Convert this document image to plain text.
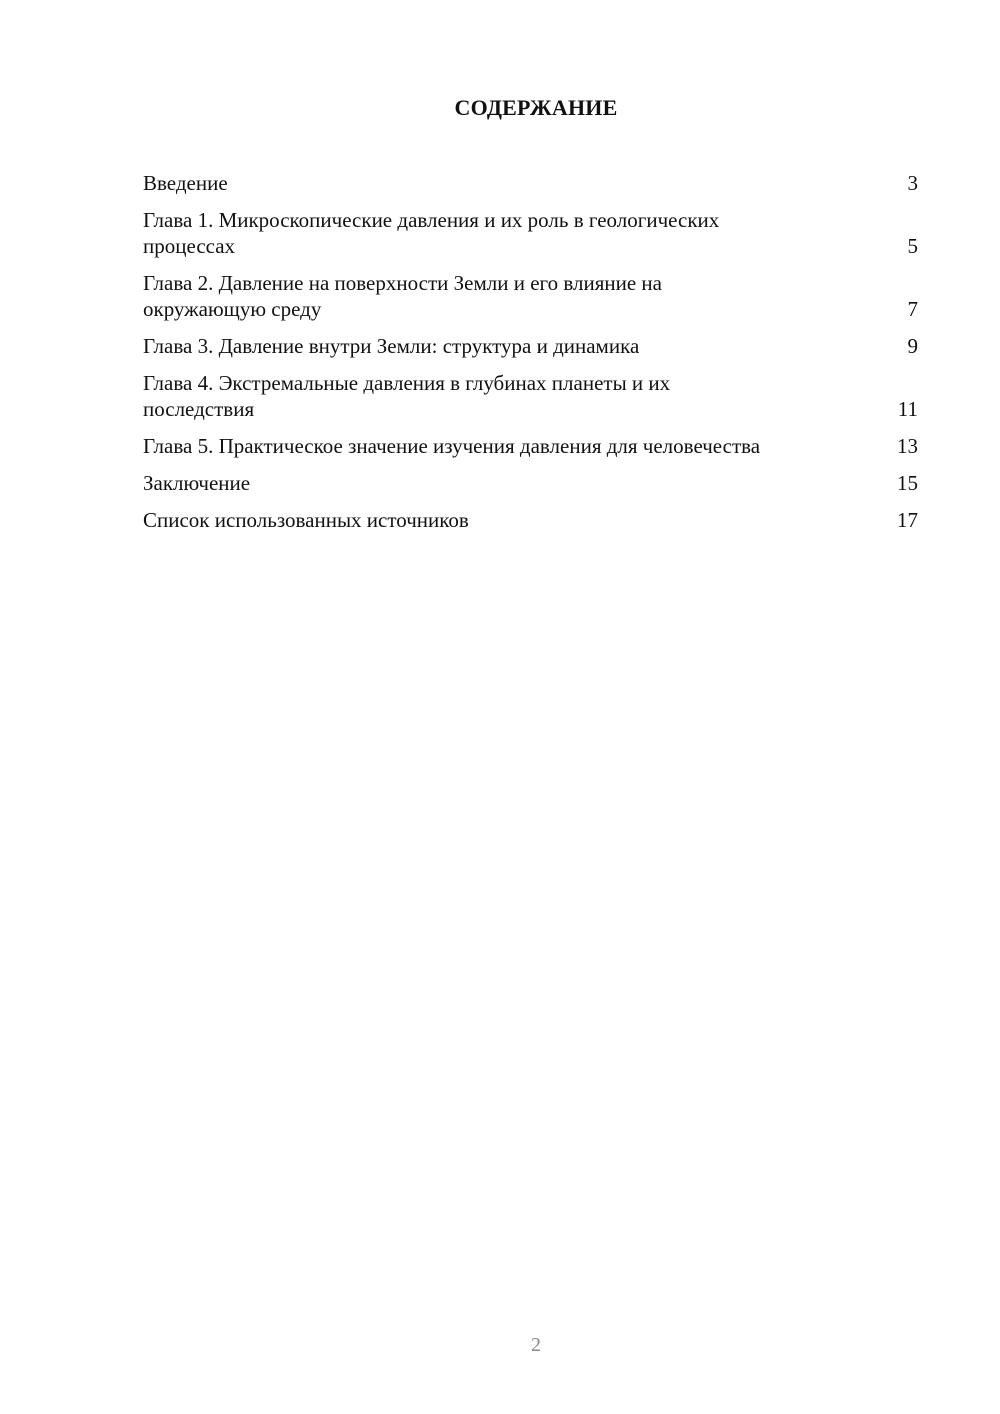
СОДЕРЖАНИЕ
Введение	3
Глава 1. Микроскопические давления и их роль в геологических процессах	5
Глава 2. Давление на поверхности Земли и его влияние на окружающую среду	7
Глава 3. Давление внутри Земли: структура и динамика	9
Глава 4. Экстремальные давления в глубинах планеты и их последствия	11
Глава 5. Практическое значение изучения давления для человечества	13
Заключение	15
Список использованных источников	17
2
